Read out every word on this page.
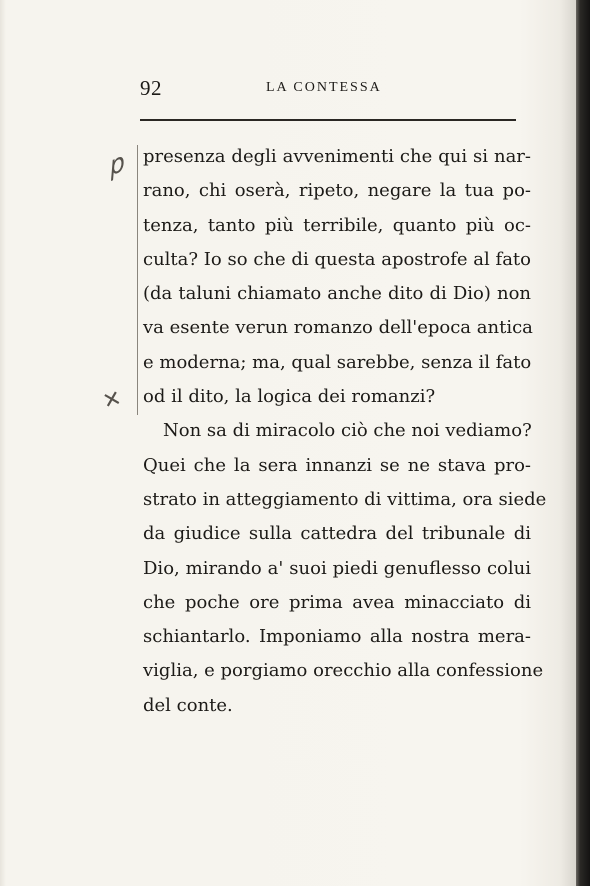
92	LA CONTESSA
𝑝
✕
presenza degli avvenimenti che qui si nar-
rano, chi oserà, ripeto, negare la tua po-
tenza, tanto più terribile, quanto più oc-
culta? Io so che di questa apostrofe al fato
(da taluni chiamato anche dito di Dio) non
va esente verun romanzo dell'epoca antica
e moderna; ma, qual sarebbe, senza il fato
od il dito, la logica dei romanzi?
Non sa di miracolo ciò che noi vediamo?
Quei che la sera innanzi se ne stava pro-
strato in atteggiamento di vittima, ora siede
da giudice sulla cattedra del tribunale di
Dio, mirando a' suoi piedi genuflesso colui
che poche ore prima avea minacciato di
schiantarlo. Imponiamo alla nostra mera-
viglia, e porgiamo orecchio alla confessione
del conte.
